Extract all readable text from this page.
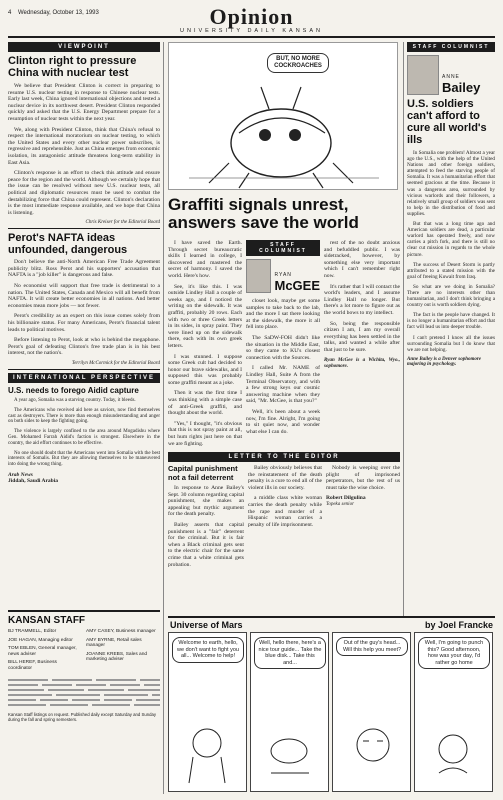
4 Wednesday, October 13, 1993	Opinion
UNIVERSITY DAILY KANSAN
VIEWPOINT
Clinton right to pressure China with nuclear test

We believe that President Clinton is correct in preparing to resume U.S. nuclear testing in response to Chinese nuclear tests. Early last week, China ignored international objections and tested a nuclear device in its northwest desert. President Clinton responded quickly and asked that the U.S. Energy Department prepare for a resumption of nuclear tests within the next year.

We, along with President Clinton, think that China's refusal to respect the international moratorium on nuclear testing, to which the United States and every other nuclear power subscribes, is regressive and reprehensible. Just as China emerges from economic isolation, its antagonistic attitude threatens long-term stability in East Asia.

Clinton's response is an effort to check this attitude and ensure peace for the region and the world. Although we certainly hope that the issue can be resolved without new U.S. nuclear tests, all political and diplomatic resources must be used to combat the destabilizing force that China could represent. Clinton's declaration is the most immediate response available, and we hope that China is listening.

Chris Kreiser for the Editorial Board
Perot's NAFTA ideas unfounded, dangerous

Don't believe the anti-North American Free Trade Agreement publicity blitz. Ross Perot and his supporters' accusation that NAFTA is a "job killer" is dangerous and false.

No economist will support that free trade is detrimental to a nation. The United States, Canada and Mexico will all benefit from NAFTA. It will create better economies in all nations. And better economies mean more jobs — not fewer.

Perot's credibility as an expert on this issue comes solely from his billionaire status. For many Americans, Perot's financial talent leads to political motives.

Before listening to Perot, look at who is behind the megaphone. Perot's goal of defeating Clinton's free trade plan is in his best interest, not the nation's.

Terrilyn McCormick for the Editorial Board
INTERNATIONAL PERSPECTIVE
U.S. needs to forego Aidid capture

A year ago, Somalia was a starving country. Today, it bleeds.

The Americans who received aid here as saviors, now find themselves cast as destroyers. There is more than enough misunderstanding and anger on both sides to keep the fighting going.

The violence is largely confined to the area around Mogadishu where Gen. Mohamed Farrah Aidid's faction is strongest. Elsewhere in the country, the aid effort continues to be effective.

No one should doubt that the Americans went into Somalia with the best interests of Somalis. But they are allowing themselves to be maneuvered into doing the wrong thing.

Arab News
Jiddah, Saudi Arabia
KANSAN STAFF
BJ TRAMMELL, Editor
JOE HAGAN, Managing editor
TOM EBLEN, General manager, news adviser
BILL HEREF, Business coordinator
AMY CASEY, Business manager
AMY BYRNE, Retail sales manager
JOANNE KREBS, Sales and marketing adviser
Kansan Staff listings on request. Published daily except Saturday and Sunday during the fall and spring semesters.
BUT, NO MORE COCKROACHES
Graffiti signals unrest, answers save the world

I have saved the Earth. Through secret bureaucratic skills I learned in college, I discovered and mastered the secret of harmony. I saved the world. Here's how.

See, it's like this. I was outside Lindley Hall a couple of weeks ago, and I noticed the writing on the sidewalk. It was graffiti, probably 20 rows. Each with two or three Greek letters in its sides, in spray paint. They were lined up on the sidewalk there, each with its own greek letters.

I was stunned. I suppose some Greek cult had decided to honor our brave sidewalks, and I supposed this was probably some graffiti meant as a joke.

Then it was the first time I was thinking with a simple case of anti-Greek graffiti, and thought about the world.

"Yes," I thought, "it's obvious that this is not spray paint at all, but hum rights just here on that we are fighting.

STAFF COLUMNIST
RYAN
McGEE

closet look, maybe get some samples to take back to the lab, and the more I sat there looking at the sidewalk, the more it all fell into place.

The SaDW-FOH didn't like the situation in the Middle East, so they came to KU's closest connection with the Sources.

I called Mr. NAME of Lindley Hall, Suite A from the Terminal Observatory, and with a few strong keys our cosmic answering machine when they said, "Mr. McGee, is that you?"

Well, it's been about a week now, I'm fine. Alright, I'm going to sit quiet now, and wonder what else I can do.

rest of the no doubt anxious and befuddled public. I was sidetracked, however, by something else very important which I can't remember right now.

It's rather that I will contact the world's leaders, and I assume Lindley Hall no longer. But there's a lot more to figure out as the world bows to my intellect.

So, being the responsible citizen I am, I am my overall everything has been settled in the talks, and wanted a while after that just to be sure.

Ryan McGee is a Wichita, Wyo., sophomore.
LETTER TO THE EDITOR
Capital punishment not a fail deterrent

In response to Anne Bailey's Sept. 30 column regarding capital punishment, she makes an appealing but mythic argument for the death penalty.

Bailey asserts that capital punishment is a "fair" deterrent for the criminal. But it is fair when a Black criminal gets sent to the electric chair for the same crime that a white criminal gets probation.

Bailey obviously believes that the reinstatement of the death penalty is a cure to end all of the violent ills in our society.

a middle class white woman carries the death penalty while the rape and murder of a Hispanic woman carries a penalty of life imprisonment.

Nobody is weeping over the plight of imprisoned perpetrators, but the rest of us must take the wise choice.

Robert Dilgulina
Topeka senior
STAFF COLUMNIST
ANNE
Bailey
U.S. soldiers can't afford to cure all world's ills

In Somalia one problem! Almost a year ago the U.S., with the help of the United Nations and other foreign soldiers, attempted to feed the starving people of Somalia. It was a humanitarian effort that seemed gracious at the time. Because it was a dangerous area, surrounded by vicious warlords and their followers, a relatively small group of soldiers was sent to help in the distribution of food and supplies.

But that was a long time ago and American soldiers are dead, a particular warlord has operated freely, and now carries a pitch fork, and there is still no clear cut mission in regards to the whole picture.

The success of Desert Storm is partly attributed to a stated mission with the goal of freeing Kuwait from Iraq.

So what are we doing in Somalia? There are no interests other than humanitarian, and I don't think bringing a country out is worth soldiers dying.

The fact is the people have changed. It is no longer a humanitarian effort and that fact will lead us into deeper trouble.

I can't pretend I know all the issues surrounding Somalia but I do know that we are not helping.

Anne Bailey is a Denver sophomore majoring in psychology.
Universe of Mars	by Joel Francke
Welcome to earth, hello, we don't want to fight you all... Welcome to help!
Well, hello there, here's a nice tour guide... Take the blue disk... Take this and...
Out of the guy's head... Will this help you meet?
Well, I'm going to punch this? Good afternoon, how was your day, I'd rather go home
